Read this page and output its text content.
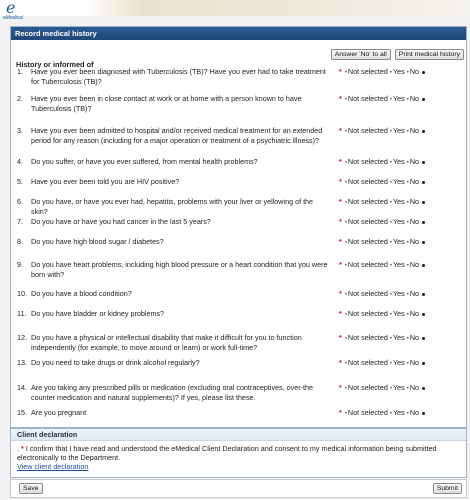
e
eMedical
Record medical history
Answer 'No' to all Print medical history
History or informed of
1. Have you ever been diagnosed with Tuberculosis (TB)? Have you ever had to take treatment for Tuberculosis (TB)?
* •Not selected •Yes •No
2. Have you ever been in close contact at work or at home with a person known to have Tuberculosis (TB)?
* •Not selected •Yes •No
3. Have you ever been admitted to hospital and/or received medical treatment for an extended period for any reason (including for a major operation or treatment of a psychiatric illness)?
* •Not selected •Yes •No
4. Do you suffer, or have you ever suffered, from mental health problems?	* •Not selected •Yes •No
5. Have you ever been told you are HIV positive?	* •Not selected •Yes •No
6. Do you have, or have you ever had, hepatitis, problems with your liver or yellowing of the skin?
* •Not selected •Yes •No
7. Do you have or have you had cancer in the last 5 years?	* •Not selected •Yes •No
8. Do you have high blood sugar / diabetes?	* •Not selected •Yes •No
9. Do you have heart problems, including high blood pressure or a heart condition that you were born with?
* •Not selected •Yes •No
10. Do you have a blood condition?	* •Not selected •Yes •No
11. Do you have bladder or kidney problems?	* •Not selected •Yes •No
12. Do you have a physical or intellectual disability that make it difficult for you to function independently (for example, to move around or learn) or work full-time?
* •Not selected •Yes •No
13. Do you need to take drugs or drink alcohol regularly?	* •Not selected •Yes •No
14. Are you taking any prescribed pills or medication (excluding oral contraceptives, over-the counter medication and natural supplements)? If yes, please list these.
* •Not selected •Yes •No
15. Are you pregnant	* •Not selected •Yes •No
Client declaration
. * I confirm that I have read and understood the eMedical Client Declaration and consent to my medical information being submitted electronically to the Department.
View client declaration
Save	Submit
